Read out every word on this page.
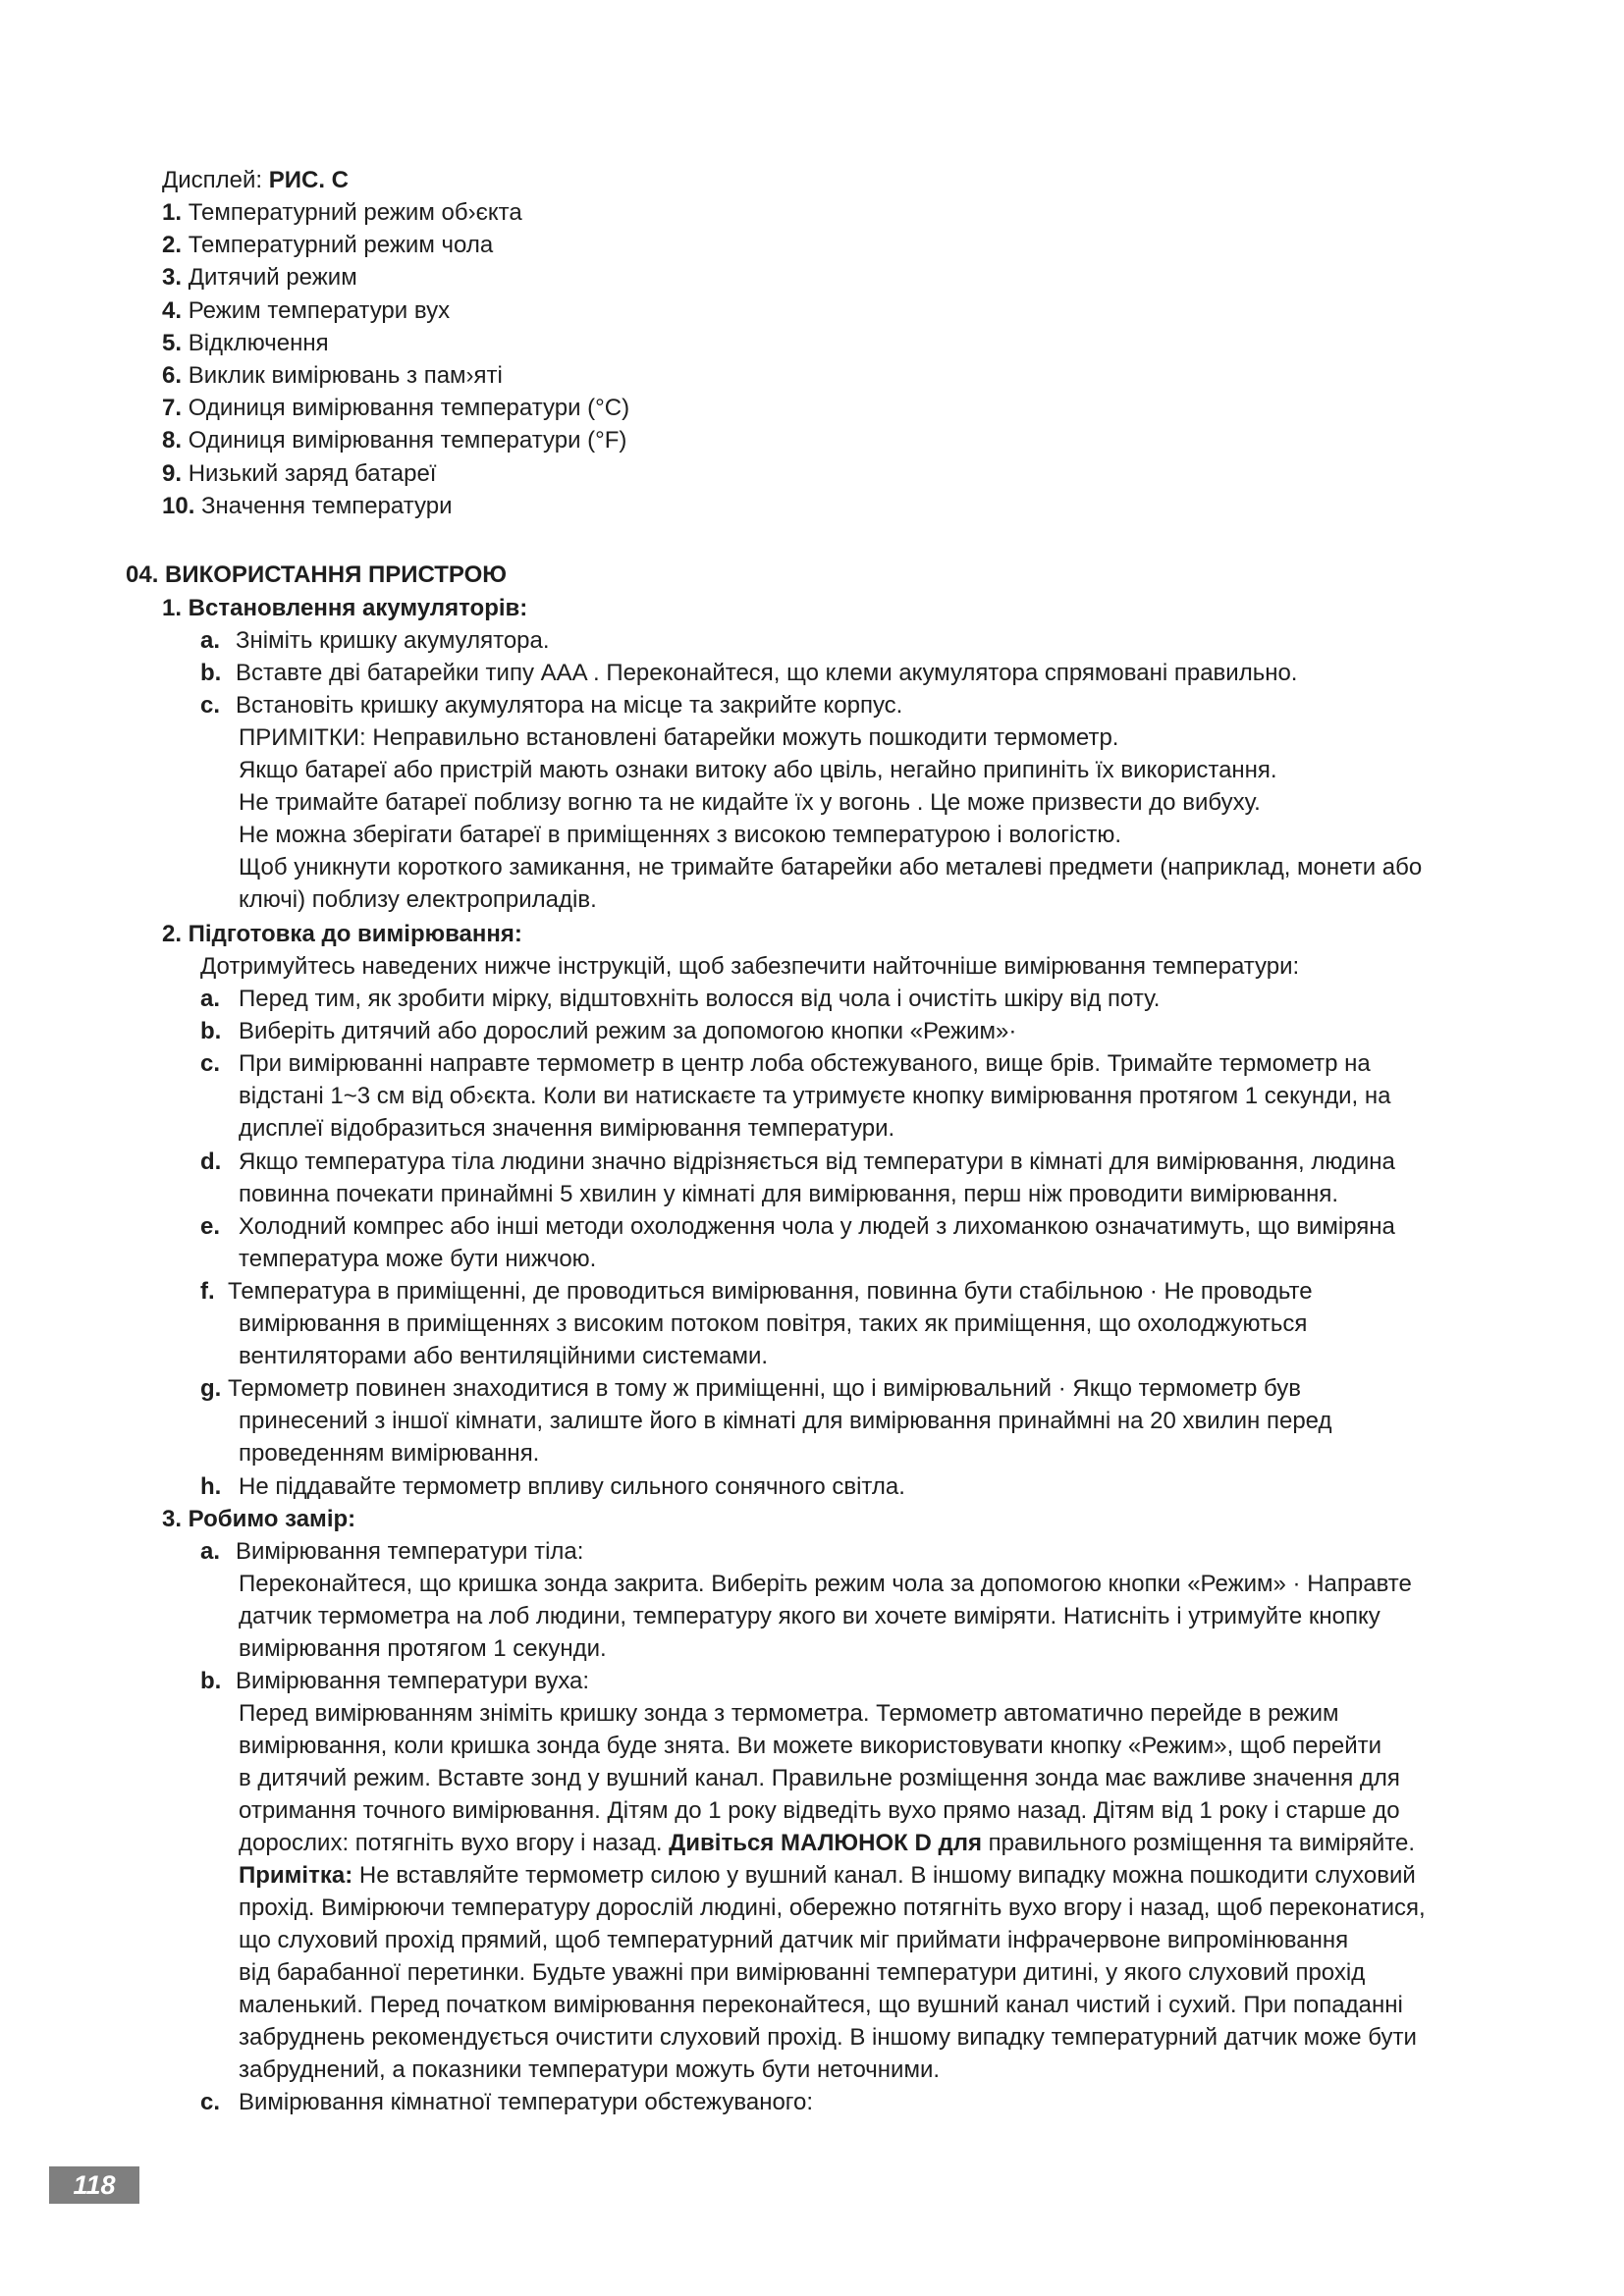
Дисплей: РИС. C
1. Температурний режим об›єкта
2. Температурний режим чола
3. Дитячий режим
4. Режим температури вух
5. Відключення
6. Виклик вимірювань з пам›яті
7. Одиниця вимірювання температури (°C)
8. Одиниця вимірювання температури (°F)
9. Низький заряд батареї
10. Значення температури
04. ВИКОРИСТАННЯ ПРИСТРОЮ
1. Встановлення акумуляторів:
a. Зніміть кришку акумулятора.
b. Вставте дві батарейки типу AAA . Переконайтеся, що клеми акумулятора спрямовані правильно.
c. Встановіть кришку акумулятора на місце та закрийте корпус.
ПРИМІТКИ: Неправильно встановлені батарейки можуть пошкодити термометр.
Якщо батареї або пристрій мають ознаки витоку або цвіль, негайно припиніть їх використання.
Не тримайте батареї поблизу вогню та не кидайте їх у вогонь . Це може призвести до вибуху.
Не можна зберігати батареї в приміщеннях з високою температурою і вологістю.
Щоб уникнути короткого замикання, не тримайте батарейки або металеві предмети (наприклад, монети або
ключі) поблизу електроприладів.
2. Підготовка до вимірювання:
Дотримуйтесь наведених нижче інструкцій, щоб забезпечити найточніше вимірювання температури:
a. Перед тим, як зробити мірку, відштовхніть волосся від чола і очистіть шкіру від поту.
b. Виберіть дитячий або дорослий режим за допомогою кнопки «Режим»·
c. При вимірюванні направте термометр в центр лоба обстежуваного, вище брів. Тримайте термометр на
відстані 1~3 см від об›єкта. Коли ви натискаєте та утримуєте кнопку вимірювання протягом 1 секунди, на
дисплеї відобразиться значення вимірювання температури.
d. Якщо температура тіла людини значно відрізняється від температури в кімнаті для вимірювання, людина
повинна почекати принаймні 5 хвилин у кімнаті для вимірювання, перш ніж проводити вимірювання.
e. Холодний компрес або інші методи охолодження чола у людей з лихоманкою означатимуть, що виміряна
температура може бути нижчою.
f. Температура в приміщенні, де проводиться вимірювання, повинна бути стабільною · Не проводьте
вимірювання в приміщеннях з високим потоком повітря, таких як приміщення, що охолоджуються
вентиляторами або вентиляційними системами.
g. Термометр повинен знаходитися в тому ж приміщенні, що і вимірювальний · Якщо термометр був
принесений з іншої кімнати, залиште його в кімнаті для вимірювання принаймні на 20 хвилин перед
проведенням вимірювання.
h. Не піддавайте термометр впливу сильного сонячного світла.
3. Робимо замір:
a. Вимірювання температури тіла:
Переконайтеся, що кришка зонда закрита. Виберіть режим чола за допомогою кнопки «Режим» · Направте
датчик термометра на лоб людини, температуру якого ви хочете виміряти. Натисніть і утримуйте кнопку
вимірювання протягом 1 секунди.
b. Вимірювання температури вуха:
Перед вимірюванням зніміть кришку зонда з термометра. Термометр автоматично перейде в режим
вимірювання, коли кришка зонда буде знята. Ви можете використовувати кнопку «Режим», щоб перейти
в дитячий режим. Вставте зонд у вушний канал. Правильне розміщення зонда має важливе значення для
отримання точного вимірювання. Дітям до 1 року відведіть вухо прямо назад. Дітям від 1 року і старше до
дорослих: потягніть вухо вгору і назад. Дивіться МАЛЮНОК D для правильного розміщення та виміряйте.
Примітка: Не вставляйте термометр силою у вушний канал. В іншому випадку можна пошкодити слуховий
прохід. Вимірюючи температуру дорослій людині, обережно потягніть вухо вгору і назад, щоб переконатися,
що слуховий прохід прямий, щоб температурний датчик міг приймати інфрачервоне випромінювання
від барабанної перетинки. Будьте уважні при вимірюванні температури дитині, у якого слуховий прохід
маленький. Перед початком вимірювання переконайтеся, що вушний канал чистий і сухий. При попаданні
забруднень рекомендується очистити слуховий прохід. В іншому випадку температурний датчик може бути
забруднений, а показники температури можуть бути неточними.
c. Вимірювання кімнатної температури обстежуваного:
118
